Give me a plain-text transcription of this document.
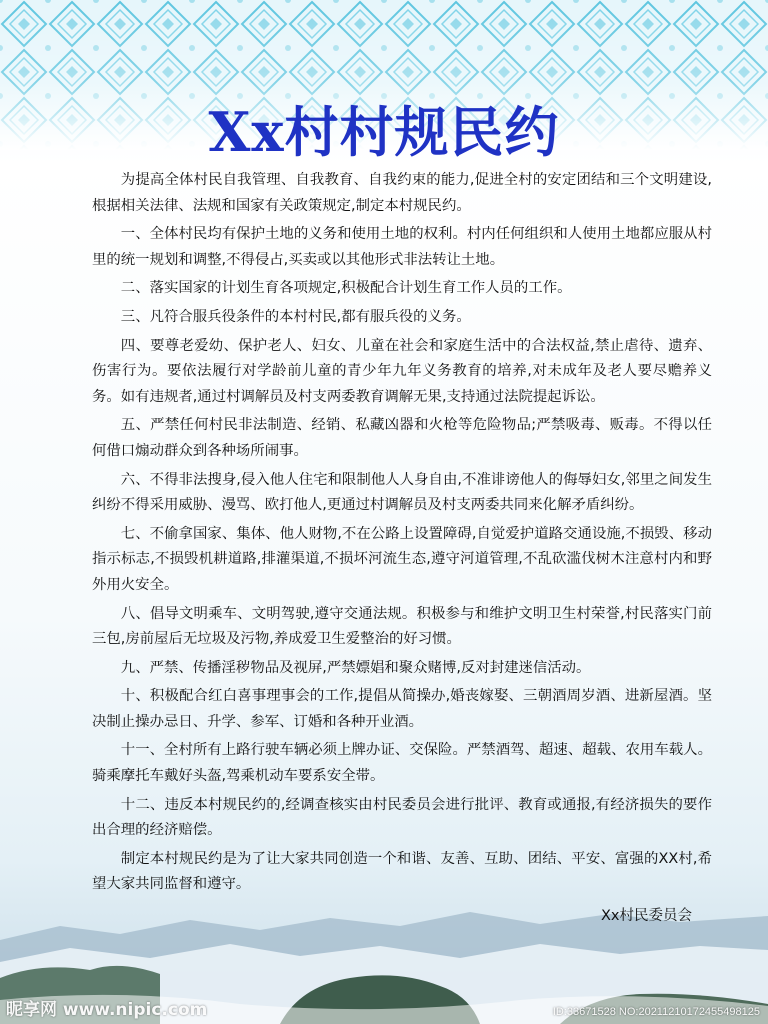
Xx村村规民约

为提高全体村民自我管理、自我教育、自我约束的能力,促进全村的安定团结和三个文明建设,根据相关法律、法规和国家有关政策规定,制定本村规民约。

一、全体村民均有保护土地的义务和使用土地的权利。村内任何组织和人使用土地都应服从村里的统一规划和调整,不得侵占,买卖或以其他形式非法转让土地。

二、落实国家的计划生育各项规定,积极配合计划生育工作人员的工作。

三、凡符合服兵役条件的本村村民,都有服兵役的义务。

四、要尊老爱幼、保护老人、妇女、儿童在社会和家庭生活中的合法权益,禁止虐待、遗弃、伤害行为。要依法履行对学龄前儿童的青少年九年义务教育的培养,对未成年及老人要尽赡养义务。如有违规者,通过村调解员及村支两委教育调解无果,支持通过法院提起诉讼。

五、严禁任何村民非法制造、经销、私藏凶器和火枪等危险物品;严禁吸毒、贩毒。不得以任何借口煽动群众到各种场所闹事。

六、不得非法搜身,侵入他人住宅和限制他人人身自由,不准诽谤他人的侮辱妇女,邻里之间发生纠纷不得采用威胁、漫骂、欧打他人,更通过村调解员及村支两委共同来化解矛盾纠纷。

七、不偷拿国家、集体、他人财物,不在公路上设置障碍,自觉爱护道路交通设施,不损毁、移动指示标志,不损毁机耕道路,排灌渠道,不损坏河流生态,遵守河道管理,不乱砍滥伐树木注意村内和野外用火安全。

八、倡导文明乘车、文明驾驶,遵守交通法规。积极参与和维护文明卫生村荣誉,村民落实门前三包,房前屋后无垃圾及污物,养成爱卫生爱整治的好习惯。

九、严禁、传播淫秽物品及视屏,严禁嫖娼和聚众赌博,反对封建迷信活动。

十、积极配合红白喜事理事会的工作,提倡从简操办,婚丧嫁娶、三朝酒周岁酒、进新屋酒。坚决制止操办忌日、升学、参军、订婚和各种开业酒。

十一、全村所有上路行驶车辆必须上牌办证、交保险。严禁酒驾、超速、超载、农用车载人。骑乘摩托车戴好头盔,驾乘机动车要系安全带。

十二、违反本村规民约的,经调查核实由村民委员会进行批评、教育或通报,有经济损失的要作出合理的经济赔偿。

制定本村规民约是为了让大家共同创造一个和谐、友善、互助、团结、平安、富强的XX村,希望大家共同监督和遵守。

Xx村民委员会
昵享网 www.nipic.com	ID:33671528 NO:20211210172455498125
